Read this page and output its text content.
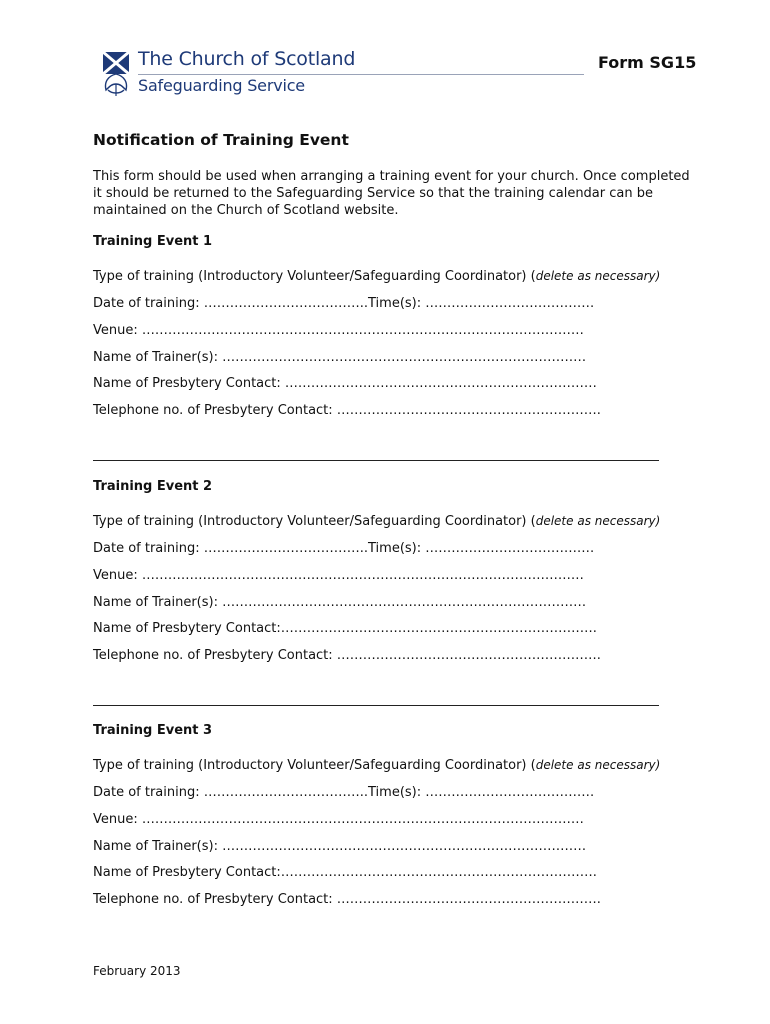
The Church of Scotland
Safeguarding Service
Form SG15
Notification of Training Event
This form should be used when arranging a training event for your church. Once completed
it should be returned to the Safeguarding Service so that the training calendar can be
maintained on the Church of Scotland website.
Training Event 1
Type of training (Introductory Volunteer/Safeguarding Coordinator) (delete as necessary)
Date of training: ………………………………..Time(s): …………………………………
Venue: …………………………………………………………………………………………
Name of Trainer(s): …………………………………………………………………………
Name of Presbytery Contact: ………………………………………………………………
Telephone no. of Presbytery Contact: …………………………………………………….
Training Event 2
Type of training (Introductory Volunteer/Safeguarding Coordinator) (delete as necessary)
Date of training: ………………………………..Time(s): …………………………………
Venue: …………………………………………………………………………………………
Name of Trainer(s): …………………………………………………………………………
Name of Presbytery Contact:……………………………………………………………….
Telephone no. of Presbytery Contact: …………………………………………………….
Training Event 3
Type of training (Introductory Volunteer/Safeguarding Coordinator) (delete as necessary)
Date of training: ………………………………..Time(s): …………………………………
Venue: …………………………………………………………………………………………
Name of Trainer(s): …………………………………………………………………………
Name of Presbytery Contact:……………………………………………………………….
Telephone no. of Presbytery Contact: …………………………………………………….
February 2013
